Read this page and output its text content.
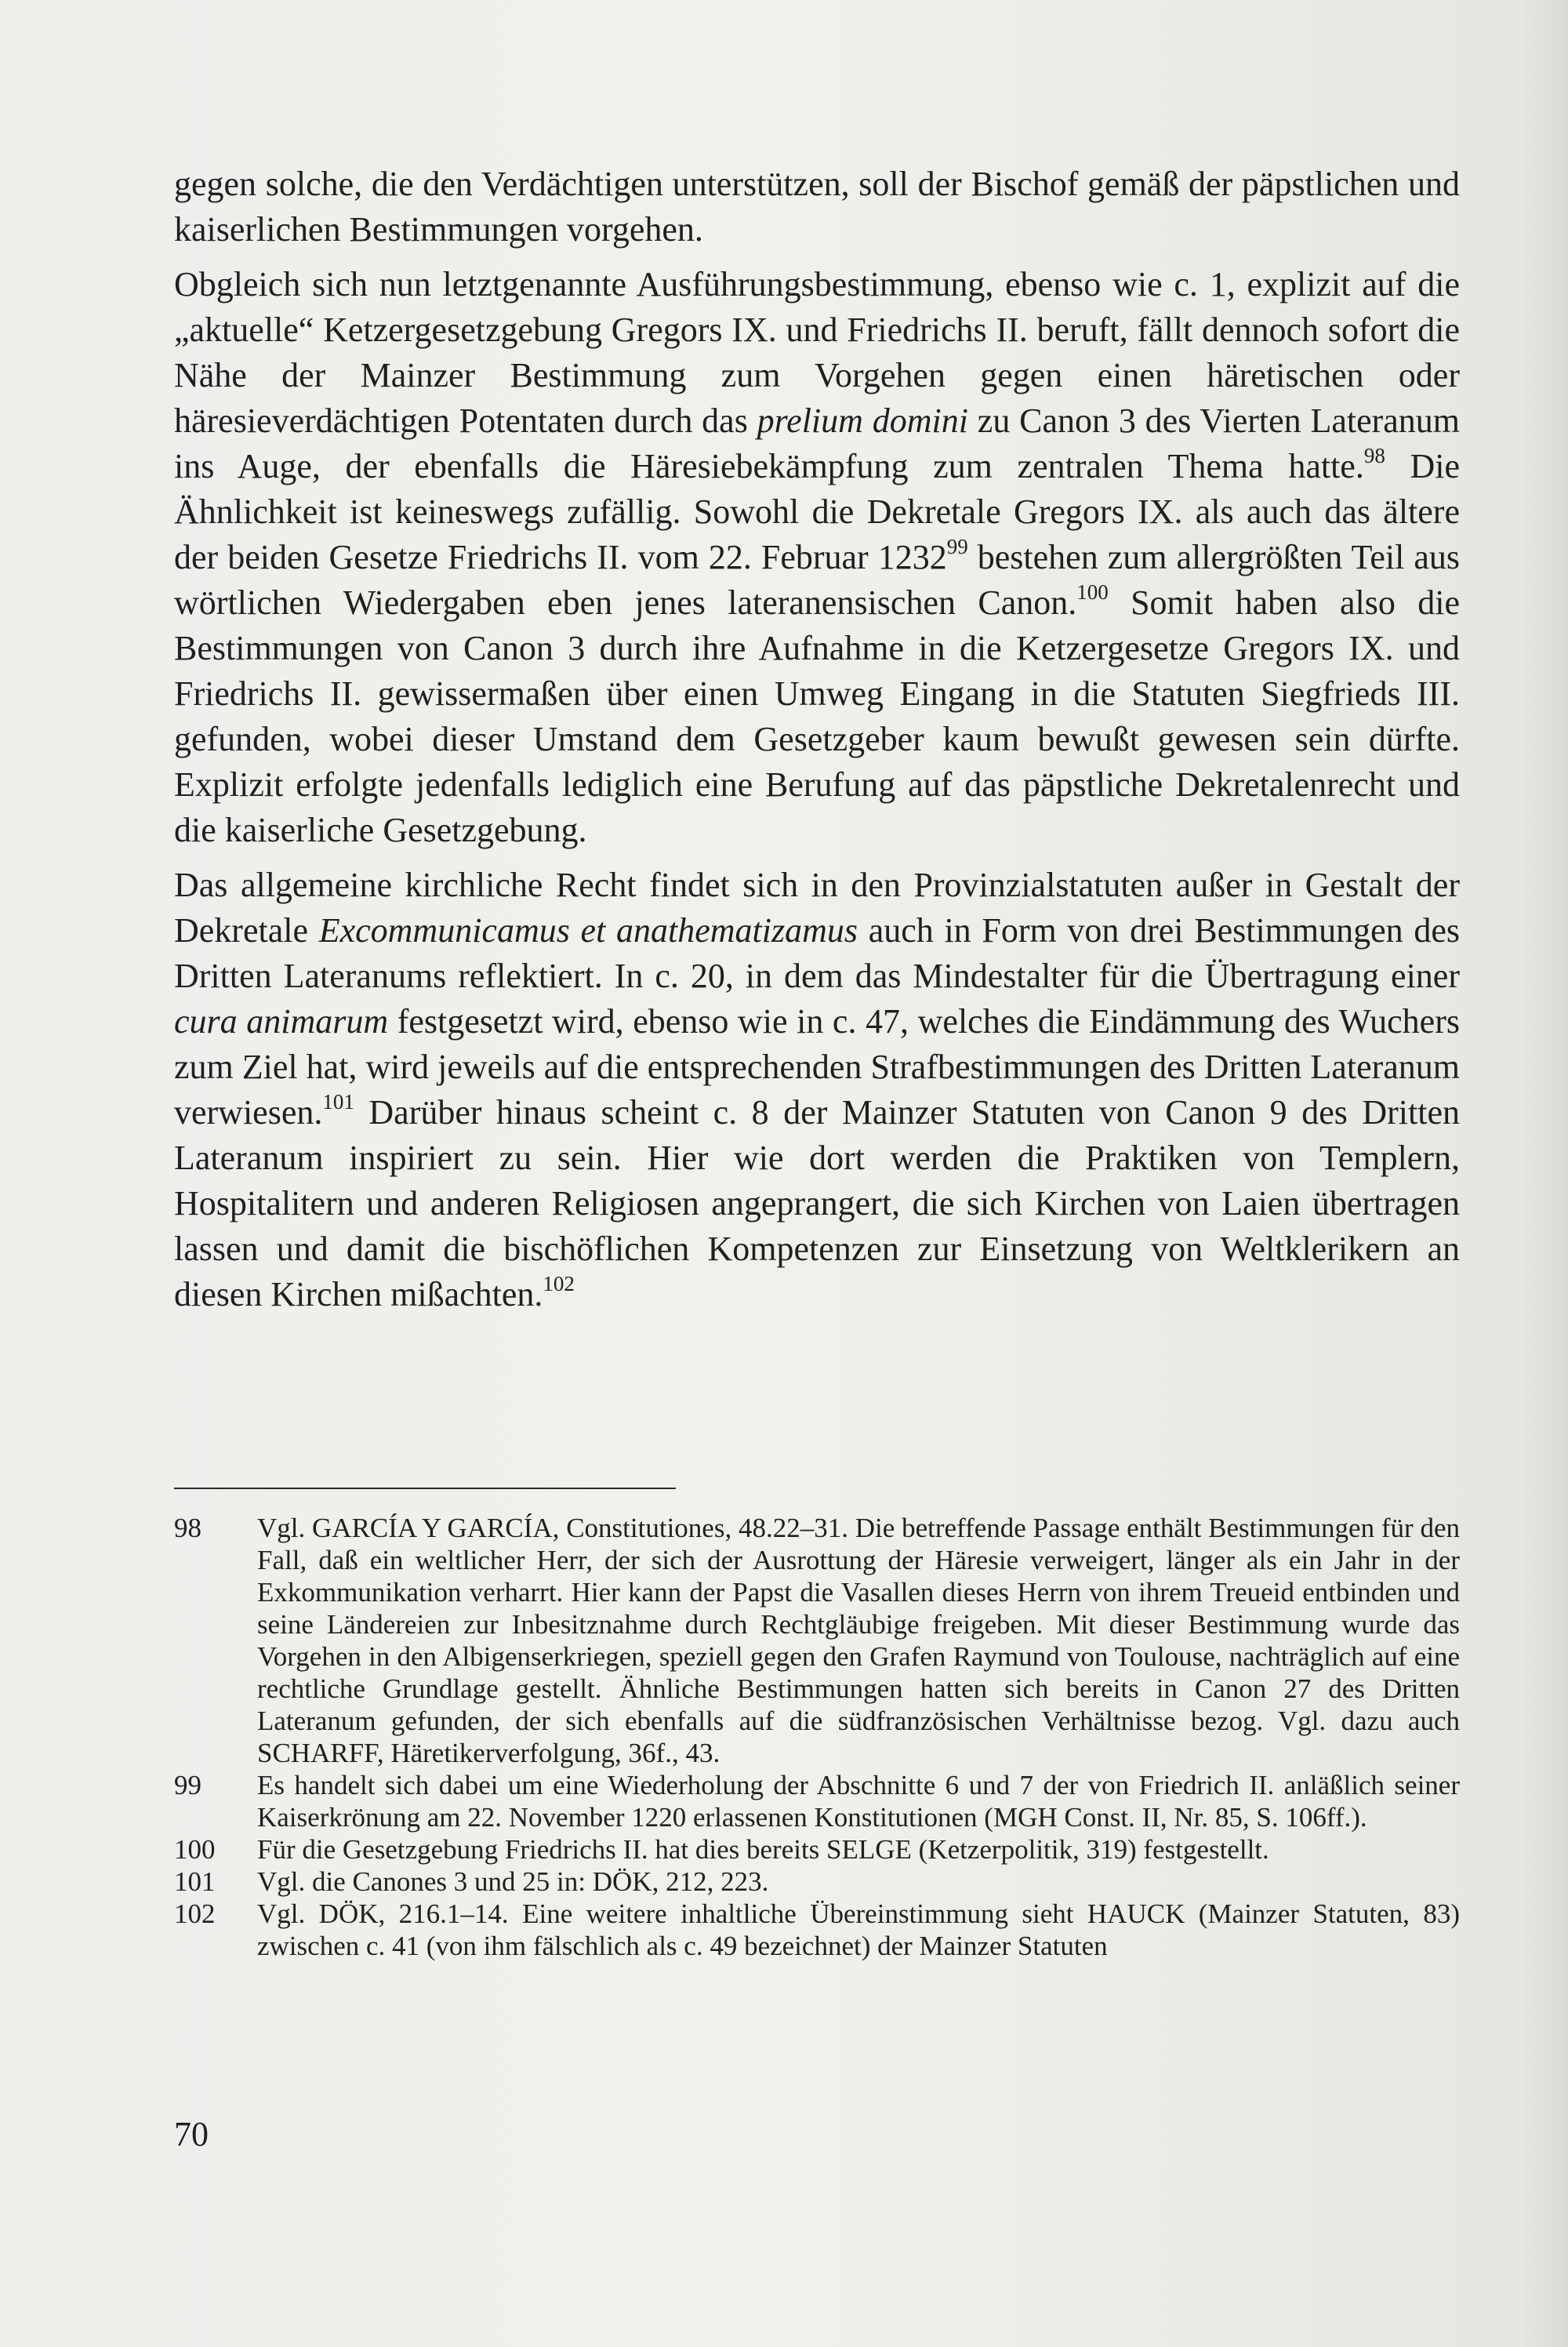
gegen solche, die den Verdächtigen unterstützen, soll der Bischof gemäß der päpstlichen und kaiserlichen Bestimmungen vorgehen.

Obgleich sich nun letztgenannte Ausführungsbestimmung, ebenso wie c. 1, explizit auf die „aktuelle“ Ketzergesetzgebung Gregors IX. und Friedrichs II. beruft, fällt dennoch sofort die Nähe der Mainzer Bestimmung zum Vorgehen gegen einen häretischen oder häresieverdächtigen Potentaten durch das prelium domini zu Canon 3 des Vierten Lateranum ins Auge, der ebenfalls die Häresiebekämpfung zum zentralen Thema hatte.$^{98}$ Die Ähnlichkeit ist keineswegs zufällig. Sowohl die Dekretale Gregors IX. als auch das ältere der beiden Gesetze Friedrichs II. vom 22. Februar 1232$^{99}$ bestehen zum allergrößten Teil aus wörtlichen Wiedergaben eben jenes lateranensischen Canon.$^{100}$ Somit haben also die Bestimmungen von Canon 3 durch ihre Aufnahme in die Ketzergesetze Gregors IX. und Friedrichs II. gewissermaßen über einen Umweg Eingang in die Statuten Siegfrieds III. gefunden, wobei dieser Umstand dem Gesetzgeber kaum bewußt gewesen sein dürfte. Explizit erfolgte jedenfalls lediglich eine Berufung auf das päpstliche Dekretalenrecht und die kaiserliche Gesetzgebung.

Das allgemeine kirchliche Recht findet sich in den Provinzialstatuten außer in Gestalt der Dekretale Excommunicamus et anathematizamus auch in Form von drei Bestimmungen des Dritten Lateranums reflektiert. In c. 20, in dem das Mindestalter für die Übertragung einer cura animarum festgesetzt wird, ebenso wie in c. 47, welches die Eindämmung des Wuchers zum Ziel hat, wird jeweils auf die entsprechenden Strafbestimmungen des Dritten Lateranum verwiesen.$^{101}$ Darüber hinaus scheint c. 8 der Mainzer Statuten von Canon 9 des Dritten Lateranum inspiriert zu sein. Hier wie dort werden die Praktiken von Templern, Hospitalitern und anderen Religiosen angeprangert, die sich Kirchen von Laien übertragen lassen und damit die bischöflichen Kompetenzen zur Einsetzung von Weltklerikern an diesen Kirchen mißachten.$^{102}$

98	Vgl. GARCÍA Y GARCÍA, Constitutiones, 48.22–31. Die betreffende Passage enthält Bestimmungen für den Fall, daß ein weltlicher Herr, der sich der Ausrottung der Häresie verweigert, länger als ein Jahr in der Exkommunikation verharrt. Hier kann der Papst die Vasallen dieses Herrn von ihrem Treueid entbinden und seine Ländereien zur Inbesitznahme durch Rechtgläubige freigeben. Mit dieser Bestimmung wurde das Vorgehen in den Albigenserkriegen, speziell gegen den Grafen Raymund von Toulouse, nachträglich auf eine rechtliche Grundlage gestellt. Ähnliche Bestimmungen hatten sich bereits in Canon 27 des Dritten Lateranum gefunden, der sich ebenfalls auf die südfranzösischen Verhältnisse bezog. Vgl. dazu auch SCHARFF, Häretikerverfolgung, 36f., 43.
99	Es handelt sich dabei um eine Wiederholung der Abschnitte 6 und 7 der von Friedrich II. anläßlich seiner Kaiserkrönung am 22. November 1220 erlassenen Konstitutionen (MGH Const. II, Nr. 85, S. 106ff.).
100	Für die Gesetzgebung Friedrichs II. hat dies bereits SELGE (Ketzerpolitik, 319) festgestellt.
101	Vgl. die Canones 3 und 25 in: DÖK, 212, 223.
102	Vgl. DÖK, 216.1–14. Eine weitere inhaltliche Übereinstimmung sieht HAUCK (Mainzer Statuten, 83) zwischen c. 41 (von ihm fälschlich als c. 49 bezeichnet) der Mainzer Statuten
70
